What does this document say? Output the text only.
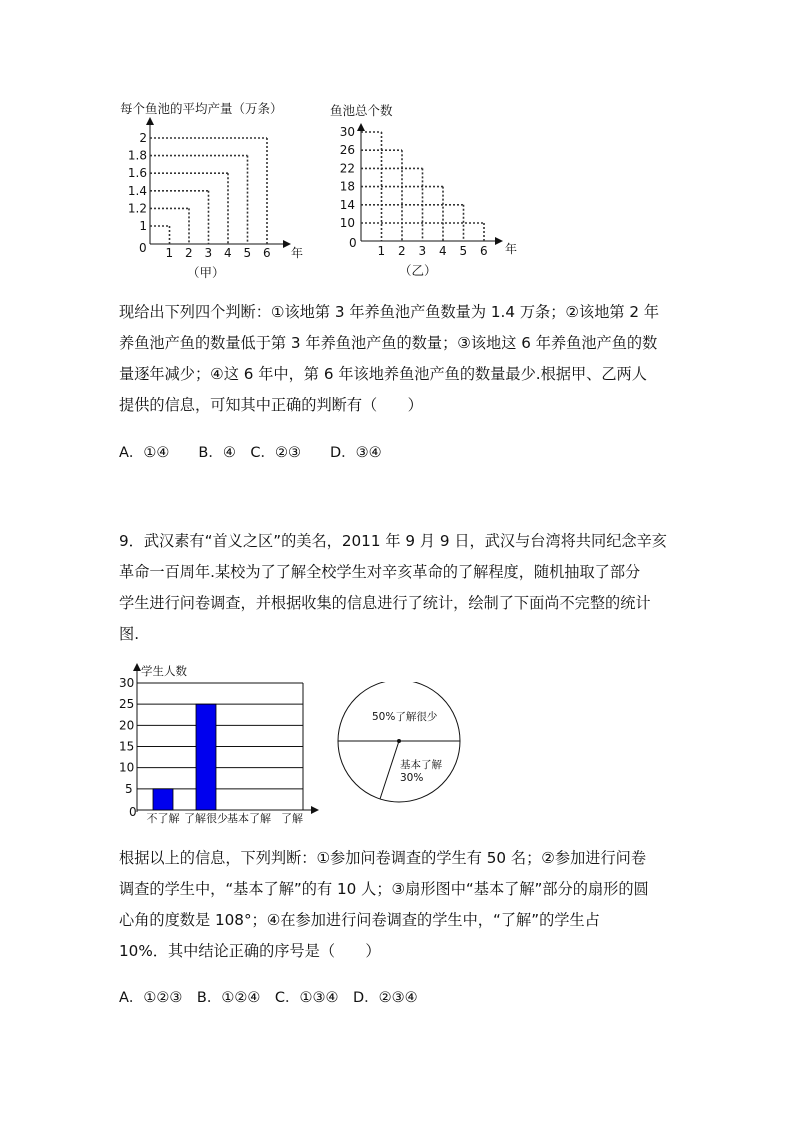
每个鱼池的平均产量（万条）
0	年
（甲）
1 2 3 4 5 6
1
1.2
1.4
1.6
1.8
2
鱼池总个数
0	年
（乙）
1 2 3 4 5 6
10
14
18
22
26
30

现给出下列四个判断：①该地第 3 年养鱼池产鱼数量为 1.4 万条；②该地第 2 年

养鱼池产鱼的数量低于第 3 年养鱼池产鱼的数量；③该地这 6 年养鱼池产鱼的数

量逐年减少；④这 6 年中，第 6 年该地养鱼池产鱼的数量最少.根据甲、乙两人

提供的信息，可知其中正确的判断有（　　）

A．①④　　B．④　C．②③　　D．③④

9．武汉素有“首义之区”的美名，2011 年 9 月 9 日，武汉与台湾将共同纪念辛亥

革命一百周年.某校为了了解全校学生对辛亥革命的了解程度，随机抽取了部分

学生进行问卷调查，并根据收集的信息进行了统计，绘制了下面尚不完整的统计

图.

学生人数
0
30
5
10
15
20
25
不了解 了解很少 基本了解 了解
50%了解很少
基本了解
30%

根据以上的信息，下列判断：①参加问卷调查的学生有 50 名；②参加进行问卷

调查的学生中，“基本了解”的有 10 人；③扇形图中“基本了解”部分的扇形的圆

心角的度数是 108°；④在参加进行问卷调查的学生中，“了解”的学生占

10%．其中结论正确的序号是（　　）

A．①②③　B．①②④　C．①③④　D．②③④
